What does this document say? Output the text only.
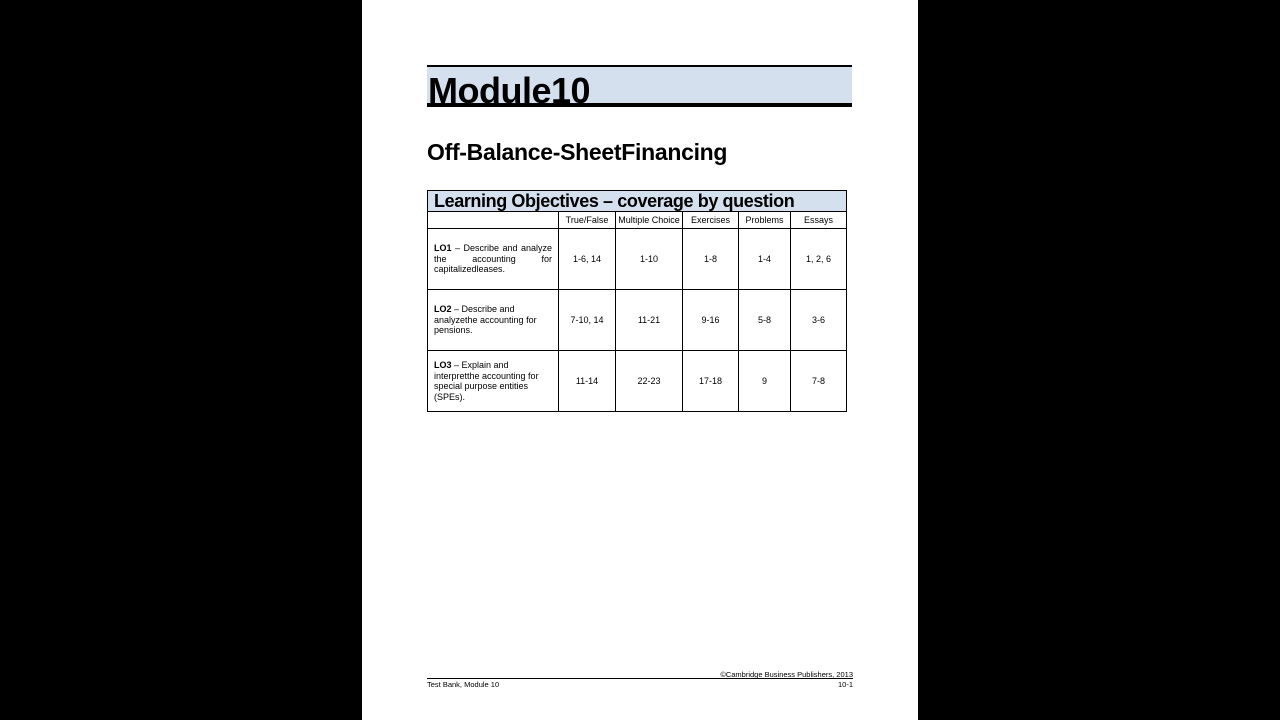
Module10
Off-Balance-SheetFinancing
Learning Objectives – coverage by question					
	True/False	Multiple Choice	Exercises	Problems	Essays
LO1 – Describe and analyze the accounting for capitalizedleases.	1-6, 14	1-10	1-8	1-4	1, 2, 6
LO2 – Describe and analyzethe accounting for pensions.	7-10, 14	11-21	9-16	5-8	3-6
LO3 – Explain and interpretthe accounting for special purpose entities (SPEs).	11-14	22-23	17-18	9	7-8
©Cambridge Business Publishers, 2013
Test Bank, Module 10	10-1
